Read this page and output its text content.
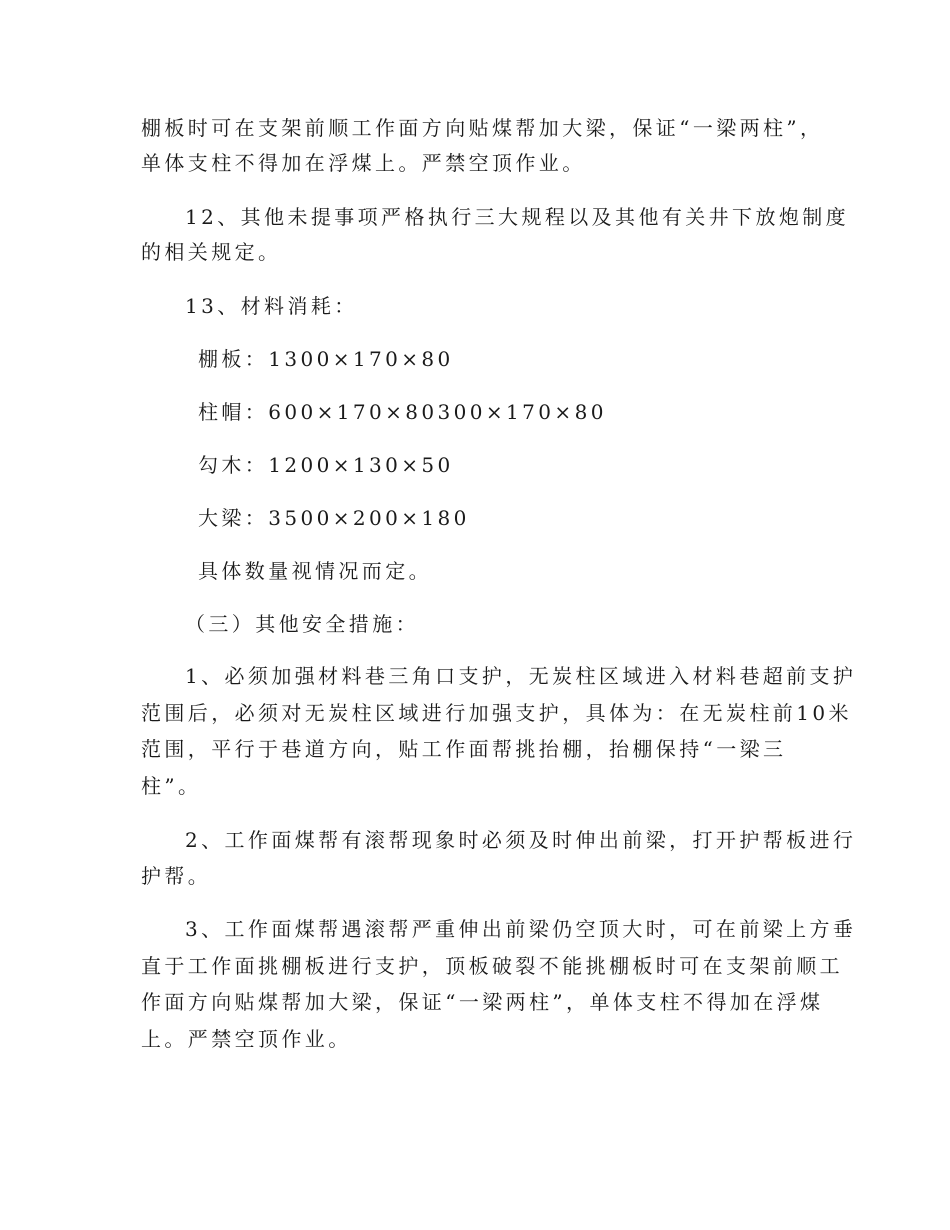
棚板时可在支架前顺工作面方向贴煤帮加大梁，保证“一梁两柱”，
单体支柱不得加在浮煤上。严禁空顶作业。
12、其他未提事项严格执行三大规程以及其他有关井下放炮制度
的相关规定。
13、材料消耗：
棚板：1300×170×80
柱帽：600×170×80300×170×80
勾木：1200×130×50
大梁：3500×200×180
具体数量视情况而定。
（三）其他安全措施：
1、必须加强材料巷三角口支护，无炭柱区域进入材料巷超前支护
范围后，必须对无炭柱区域进行加强支护，具体为：在无炭柱前10米
范围，平行于巷道方向，贴工作面帮挑抬棚，抬棚保持“一梁三
柱”。
2、工作面煤帮有滚帮现象时必须及时伸出前梁，打开护帮板进行
护帮。
3、工作面煤帮遇滚帮严重伸出前梁仍空顶大时，可在前梁上方垂
直于工作面挑棚板进行支护，顶板破裂不能挑棚板时可在支架前顺工
作面方向贴煤帮加大梁，保证“一梁两柱”，单体支柱不得加在浮煤
上。严禁空顶作业。
